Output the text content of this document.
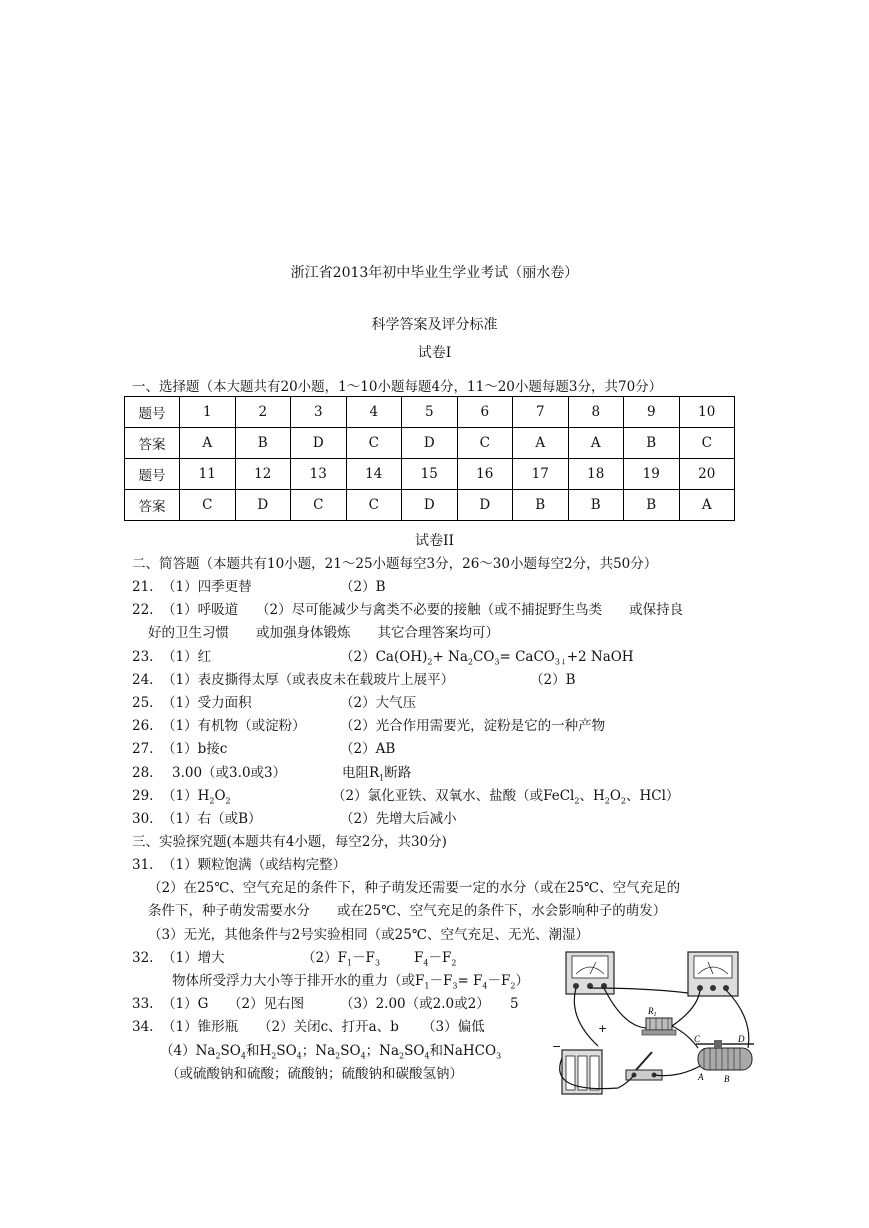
浙江省2013年初中毕业生学业考试（丽水卷）
科学答案及评分标准
试卷Ⅰ
一、选择题（本大题共有20小题，1～10小题每题4分，11～20小题每题3分，共70分）
题号	1	2	3	4	5	6	7	8	9	10
答案	A	B	D	C	D	C	A	A	B	C
题号	11	12	13	14	15	16	17	18	19	20
答案	C	D	C	C	D	D	B	B	B	A
试卷II
二、简答题（本题共有10小题，21～25小题每空3分，26～30小题每空2分，共50分）
21. （1）四季更替	（2）B
22. （1）呼吸道 （2）尽可能减少与禽类不必要的接触（或不捕捉野生鸟类　　或保持良
好的卫生习惯　　或加强身体锻炼　　其它合理答案均可）
23. （1）红	$(2)Ca(OH)_2+ Na_2CO_3=$ CaCO$_{3↓}$+2 NaOH
24. （1）表皮撕得太厚（或表皮未在载玻片上展平）	（2）B
25. （1）受力面积	（2）大气压
26. （1）有机物（或淀粉）	（2）光合作用需要光，淀粉是它的一种产物
27. （1）b接c	（2）AB
28. 3.00（或3.0或3）	电阻$R_1$断路
29. $(1)H_2O_2$	（2）氯化亚铁、双氧水、盐酸（或FeCl$_2$、$H_2O_2$、HCl）
30. （1）右（或B）	（2）先增大后减小
三、实验探究题(本题共有4小题，每空2分，共30分)
31. （1）颗粒饱满（或结构完整）
（2）在25℃、空气充足的条件下，种子萌发还需要一定的水分（或在25℃、空气充足的
条件下，种子萌发需要水分　　或在25℃、空气充足的条件下，水会影响种子的萌发）
（3）无光，其他条件与2号实验相同（或25℃、空气充足、无光、潮湿）
32. （1）增大	$(2)F_1-F_3$	$F_4-F_2$
物体所受浮力大小等于排开水的重力（或$F_1-F_3= F_4-F_2$）
33. （1）G （2）见右图	（3）2.00（或2.0或2） 5
34. （1）锥形瓶 （2）关闭c、打开a、b （3）偏低
$(4)Na_2SO_4$和$H_2SO_4$；$Na_2SO_4$；$Na_2SO_4$和NaHCO$_3$
（或硫酸钠和硫酸；硫酸钠；硫酸钠和碳酸氢钠）
$R_1$
−
+
C	D
A B
